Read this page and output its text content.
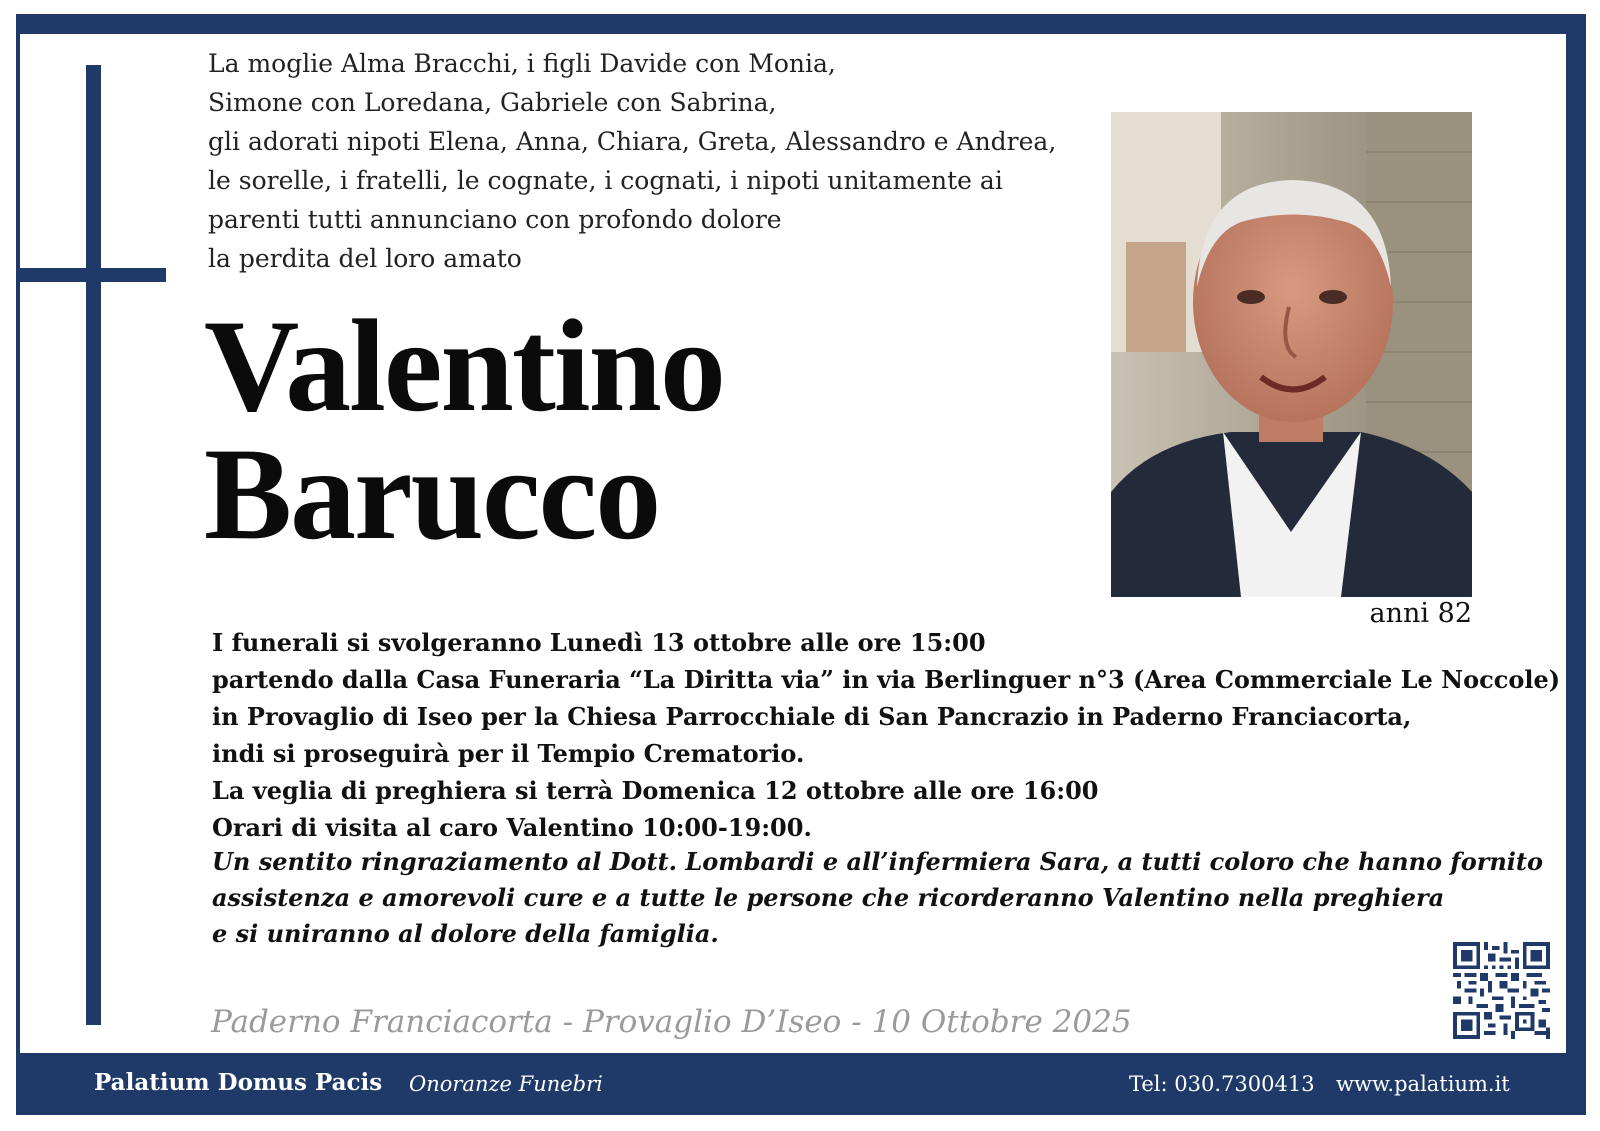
La moglie Alma Bracchi, i figli Davide con Monia,
Simone con Loredana, Gabriele con Sabrina,
gli adorati nipoti Elena, Anna, Chiara, Greta, Alessandro e Andrea,
le sorelle, i fratelli, le cognate, i cognati, i nipoti unitamente ai
parenti tutti annunciano con profondo dolore
la perdita del loro amato
Valentino
Barucco
anni 82
I funerali si svolgeranno Lunedì 13 ottobre alle ore 15:00
partendo dalla Casa Funeraria “La Diritta via” in via Berlinguer n°3 (Area Commerciale Le Noccole)
in Provaglio di Iseo per la Chiesa Parrocchiale di San Pancrazio in Paderno Franciacorta,
indi si proseguirà per il Tempio Crematorio.
La veglia di preghiera si terrà Domenica 12 ottobre alle ore 16:00
Orari di visita al caro Valentino 10:00-19:00.
Un sentito ringraziamento al Dott. Lombardi e all’infermiera Sara, a tutti coloro che hanno fornito
assistenza e amorevoli cure e a tutte le persone che ricorderanno Valentino nella preghiera
e si uniranno al dolore della famiglia.
Paderno Franciacorta - Provaglio D’Iseo - 10 Ottobre 2025
Palatium Domus Pacis Onoranze Funebri	Tel: 030.7300413 www.palatium.it
